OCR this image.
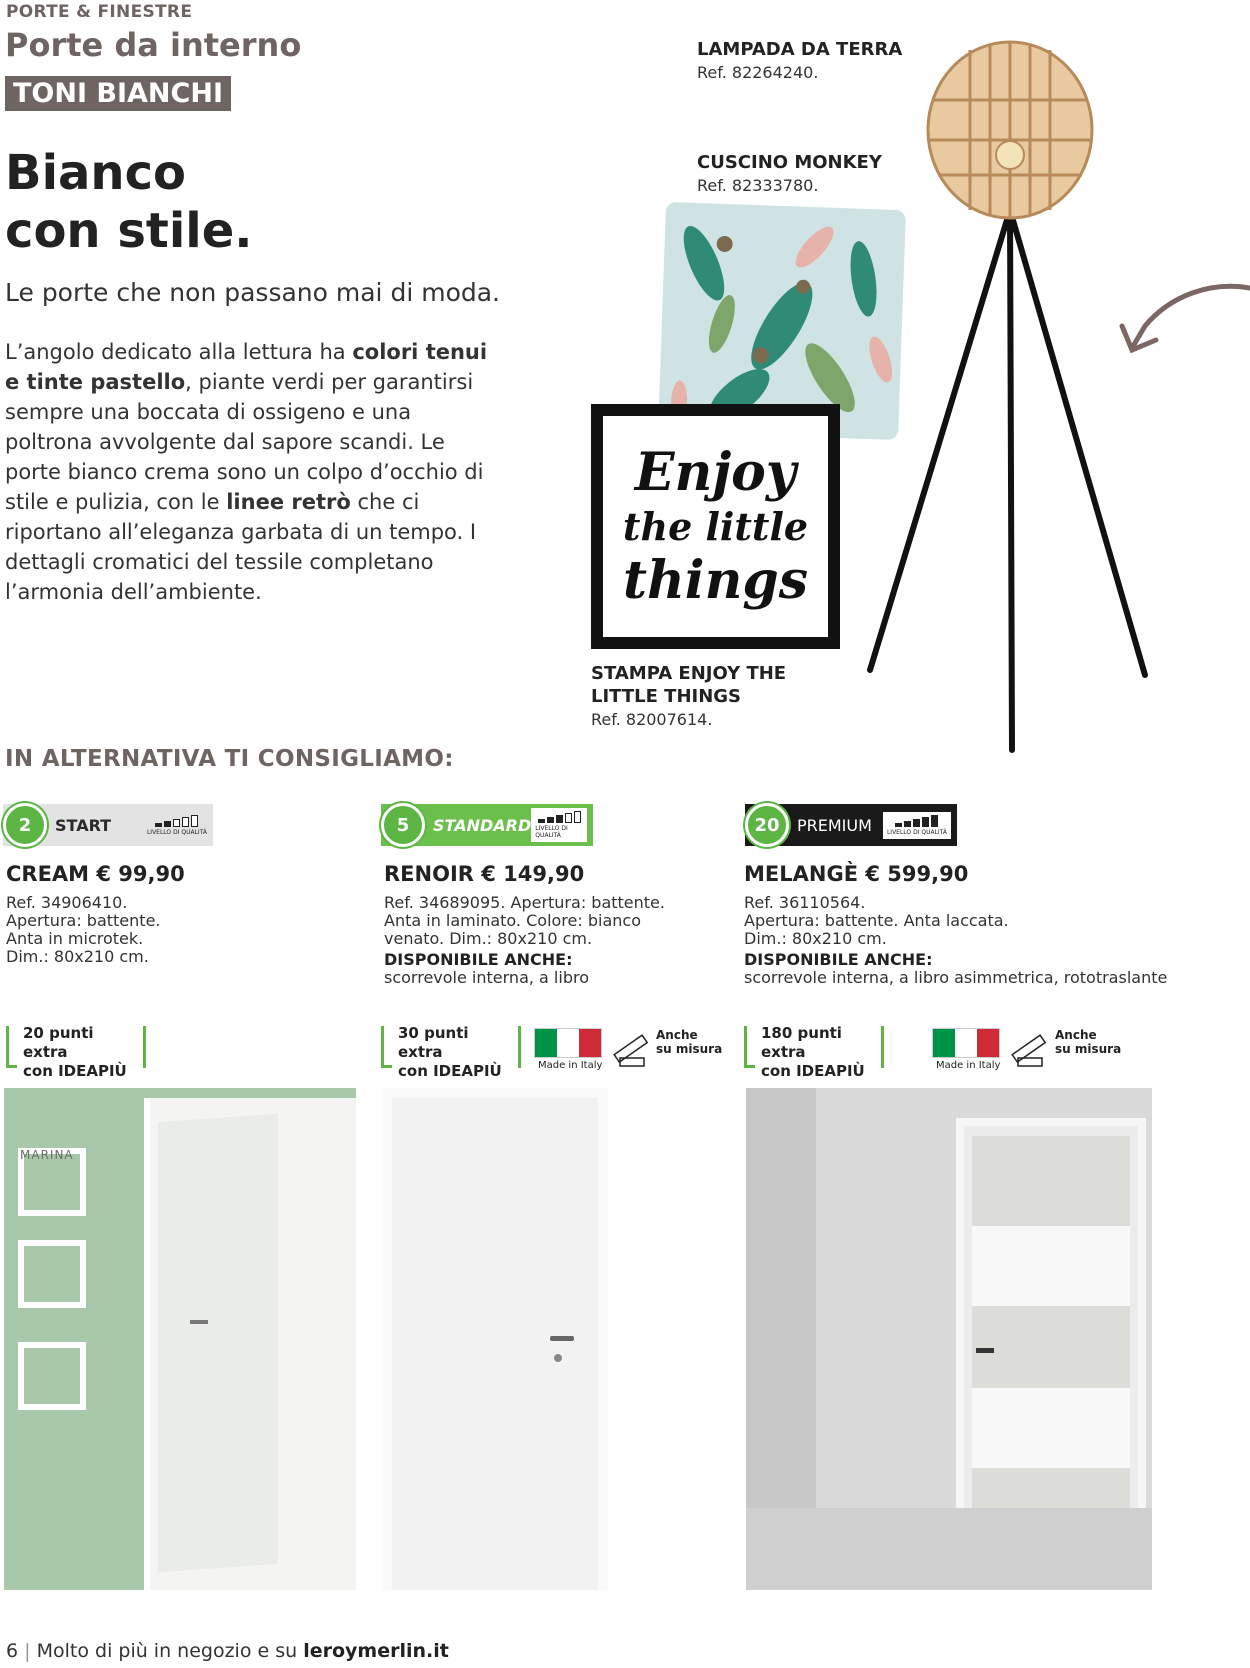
PORTE & FINESTRE
Porte da interno
TONI BIANCHI
Bianco
con stile.
Le porte che non passano mai di moda.
L’angolo dedicato alla lettura ha colori tenui e tinte pastello, piante verdi per garantirsi sempre una boccata di ossigeno e una poltrona avvolgente dal sapore scandi. Le porte bianco crema sono un colpo d’occhio di stile e pulizia, con le linee retrò che ci riportano all’eleganza garbata di un tempo. I dettagli cromatici del tessile completano l’armonia dell’ambiente.
LAMPADA DA TERRA
Ref. 82264240.
CUSCINO MONKEY
Ref. 82333780.
STAMPA ENJOY THE
LITTLE THINGS
Ref. 82007614.
Enjoy
the little
things
IN ALTERNATIVA TI CONSIGLIAMO:
2	START	LIVELLO DI QUALITÀ
CREAM € 99,90
Ref. 34906410.
Apertura: battente.
Anta in microtek.
Dim.: 80x210 cm.
20 punti extra
con IDEAPIÙ
MARINA
5	STANDARD LIVELLO DI QUALITÀ
RENOIR € 149,90
Ref. 34689095. Apertura: battente.
Anta in laminato. Colore: bianco
venato. Dim.: 80x210 cm.
DISPONIBILE ANCHE:
scorrevole interna, a libro
30 punti extra
con IDEAPIÙ	Made in Italy
Anche
su misura
20	PREMIUM	LIVELLO DI QUALITÀ
MELANGÈ € 599,90
Ref. 36110564.
Apertura: battente. Anta laccata.
Dim.: 80x210 cm.
DISPONIBILE ANCHE:
scorrevole interna, a libro asimmetrica, rototraslante
180 punti extra
con IDEAPIÙ	Made in Italy
Anche
su misura
6 | Molto di più in negozio e su leroymerlin.it
